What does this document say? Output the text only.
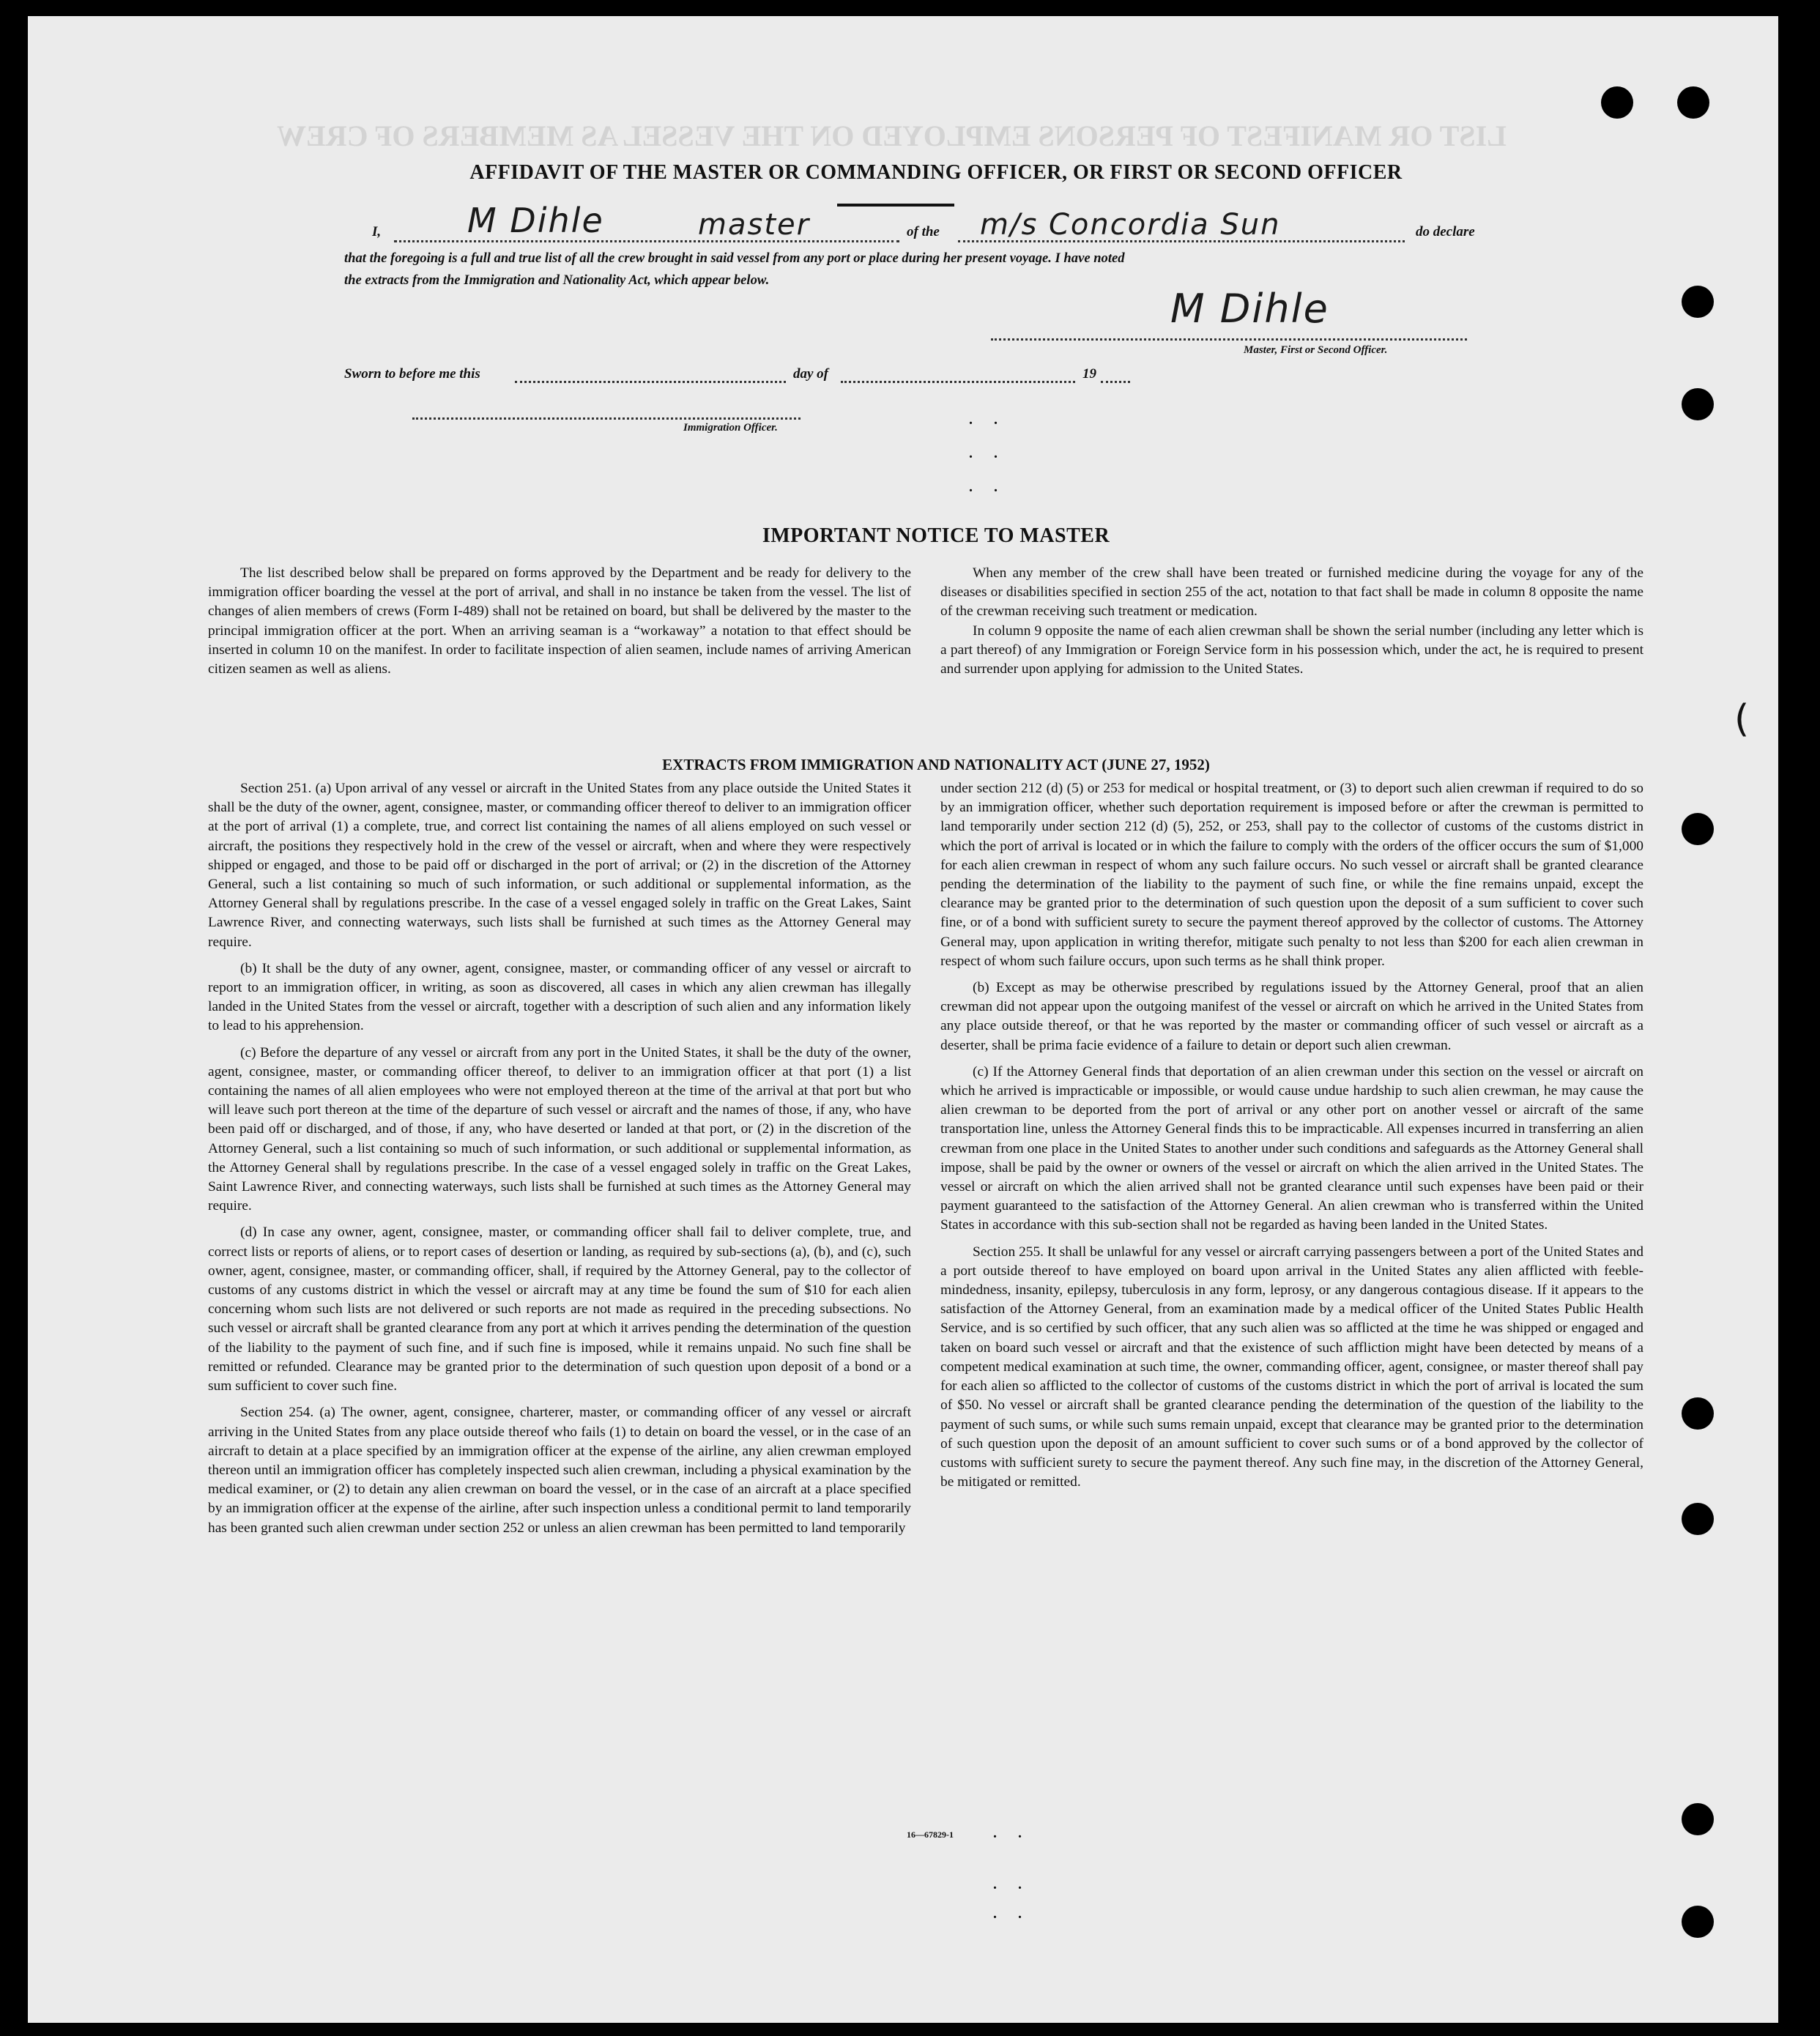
LIST OR MANIFEST OF PERSONS EMPLOYED ON THE VESSEL AS MEMBERS OF CREW
AFFIDAVIT OF THE MASTER OR COMMANDING OFFICER, OR FIRST OR SECOND OFFICER
I,	M Dihle	master	of the m/s Concordia Sun	do declare
that the foregoing is a full and true list of all the crew brought in said vessel from any port or place during her present voyage. I have noted
the extracts from the Immigration and Nationality Act, which appear below.
M Dihle
Master, First or Second Officer.
Sworn to before me this	day of	19
Immigration Officer.	. .
. .
. .
IMPORTANT NOTICE TO MASTER

The list described below shall be prepared on forms approved by the Department and be ready for delivery to the immigration officer boarding the vessel at the port of arrival, and shall in no instance be taken from the vessel. The list of changes of alien members of crews (Form I-489) shall not be retained on board, but shall be delivered by the master to the principal immigration officer at the port. When an arriving seaman is a “workaway” a notation to that effect should be inserted in column 10 on the manifest. In order to facilitate inspection of alien seamen, include names of arriving American citizen seamen as well as aliens.

When any member of the crew shall have been treated or furnished medicine during the voyage for any of the diseases or disabilities specified in section 255 of the act, notation to that fact shall be made in column 8 opposite the name of the crewman receiving such treatment or medication.

In column 9 opposite the name of each alien crewman shall be shown the serial number (including any letter which is a part thereof) of any Immigration or Foreign Service form in his possession which, under the act, he is required to present and surrender upon applying for admission to the United States.

EXTRACTS FROM IMMIGRATION AND NATIONALITY ACT (JUNE 27, 1952)

Section 251. (a) Upon arrival of any vessel or aircraft in the United States from any place outside the United States it shall be the duty of the owner, agent, consignee, master, or commanding officer thereof to deliver to an immigration officer at the port of arrival (1) a complete, true, and correct list containing the names of all aliens employed on such vessel or aircraft, the positions they respectively hold in the crew of the vessel or aircraft, when and where they were respectively shipped or engaged, and those to be paid off or discharged in the port of arrival; or (2) in the discretion of the Attorney General, such a list containing so much of such information, or such additional or supplemental information, as the Attorney General shall by regulations prescribe. In the case of a vessel engaged solely in traffic on the Great Lakes, Saint Lawrence River, and connecting waterways, such lists shall be furnished at such times as the Attorney General may require.

(b) It shall be the duty of any owner, agent, consignee, master, or commanding officer of any vessel or aircraft to report to an immigration officer, in writing, as soon as discovered, all cases in which any alien crewman has illegally landed in the United States from the vessel or aircraft, together with a description of such alien and any information likely to lead to his apprehension.

(c) Before the departure of any vessel or aircraft from any port in the United States, it shall be the duty of the owner, agent, consignee, master, or commanding officer thereof, to deliver to an immigration officer at that port (1) a list containing the names of all alien employees who were not employed thereon at the time of the arrival at that port but who will leave such port thereon at the time of the departure of such vessel or aircraft and the names of those, if any, who have been paid off or discharged, and of those, if any, who have deserted or landed at that port, or (2) in the discretion of the Attorney General, such a list containing so much of such information, or such additional or supplemental information, as the Attorney General shall by regulations prescribe. In the case of a vessel engaged solely in traffic on the Great Lakes, Saint Lawrence River, and connecting waterways, such lists shall be furnished at such times as the Attorney General may require.

(d) In case any owner, agent, consignee, master, or commanding officer shall fail to deliver complete, true, and correct lists or reports of aliens, or to report cases of desertion or landing, as required by sub-sections (a), (b), and (c), such owner, agent, consignee, master, or commanding officer, shall, if required by the Attorney General, pay to the collector of customs of any customs district in which the vessel or aircraft may at any time be found the sum of $10 for each alien concerning whom such lists are not delivered or such reports are not made as required in the preceding subsections. No such vessel or aircraft shall be granted clearance from any port at which it arrives pending the determination of the question of the liability to the payment of such fine, and if such fine is imposed, while it remains unpaid. No such fine shall be remitted or refunded. Clearance may be granted prior to the determination of such question upon deposit of a bond or a sum sufficient to cover such fine.

Section 254. (a) The owner, agent, consignee, charterer, master, or commanding officer of any vessel or aircraft arriving in the United States from any place outside thereof who fails (1) to detain on board the vessel, or in the case of an aircraft to detain at a place specified by an immigration officer at the expense of the airline, any alien crewman employed thereon until an immigration officer has completely inspected such alien crewman, including a physical examination by the medical examiner, or (2) to detain any alien crewman on board the vessel, or in the case of an aircraft at a place specified by an immigration officer at the expense of the airline, after such inspection unless a conditional permit to land temporarily has been granted such alien crewman under section 252 or unless an alien crewman has been permitted to land temporarily

under section 212 (d) (5) or 253 for medical or hospital treatment, or (3) to deport such alien crewman if required to do so by an immigration officer, whether such deportation requirement is imposed before or after the crewman is permitted to land temporarily under section 212 (d) (5), 252, or 253, shall pay to the collector of customs of the customs district in which the port of arrival is located or in which the failure to comply with the orders of the officer occurs the sum of $1,000 for each alien crewman in respect of whom any such failure occurs. No such vessel or aircraft shall be granted clearance pending the determination of the liability to the payment of such fine, or while the fine remains unpaid, except the clearance may be granted prior to the determination of such question upon the deposit of a sum sufficient to cover such fine, or of a bond with sufficient surety to secure the payment thereof approved by the collector of customs. The Attorney General may, upon application in writing therefor, mitigate such penalty to not less than $200 for each alien crewman in respect of whom such failure occurs, upon such terms as he shall think proper.

(b) Except as may be otherwise prescribed by regulations issued by the Attorney General, proof that an alien crewman did not appear upon the outgoing manifest of the vessel or aircraft on which he arrived in the United States from any place outside thereof, or that he was reported by the master or commanding officer of such vessel or aircraft as a deserter, shall be prima facie evidence of a failure to detain or deport such alien crewman.

(c) If the Attorney General finds that deportation of an alien crewman under this section on the vessel or aircraft on which he arrived is impracticable or impossible, or would cause undue hardship to such alien crewman, he may cause the alien crewman to be deported from the port of arrival or any other port on another vessel or aircraft of the same transportation line, unless the Attorney General finds this to be impracticable. All expenses incurred in transferring an alien crewman from one place in the United States to another under such conditions and safeguards as the Attorney General shall impose, shall be paid by the owner or owners of the vessel or aircraft on which the alien arrived in the United States. The vessel or aircraft on which the alien arrived shall not be granted clearance until such expenses have been paid or their payment guaranteed to the satisfaction of the Attorney General. An alien crewman who is transferred within the United States in accordance with this sub-section shall not be regarded as having been landed in the United States.

Section 255. It shall be unlawful for any vessel or aircraft carrying passengers between a port of the United States and a port outside thereof to have employed on board upon arrival in the United States any alien afflicted with feeble-mindedness, insanity, epilepsy, tuberculosis in any form, leprosy, or any dangerous contagious disease. If it appears to the satisfaction of the Attorney General, from an examination made by a medical officer of the United States Public Health Service, and is so certified by such officer, that any such alien was so afflicted at the time he was shipped or engaged and taken on board such vessel or aircraft and that the existence of such affliction might have been detected by means of a competent medical examination at such time, the owner, commanding officer, agent, consignee, or master thereof shall pay for each alien so afflicted to the collector of customs of the customs district in which the port of arrival is located the sum of $50. No vessel or aircraft shall be granted clearance pending the determination of the question of the liability to the payment of such sums, or while such sums remain unpaid, except that clearance may be granted prior to the determination of such question upon the deposit of an amount sufficient to cover such sums or of a bond approved by the collector of customs with sufficient surety to secure the payment thereof. Any such fine may, in the discretion of the Attorney General, be mitigated or remitted.

16—67829-1	. .
. .
. .
(
